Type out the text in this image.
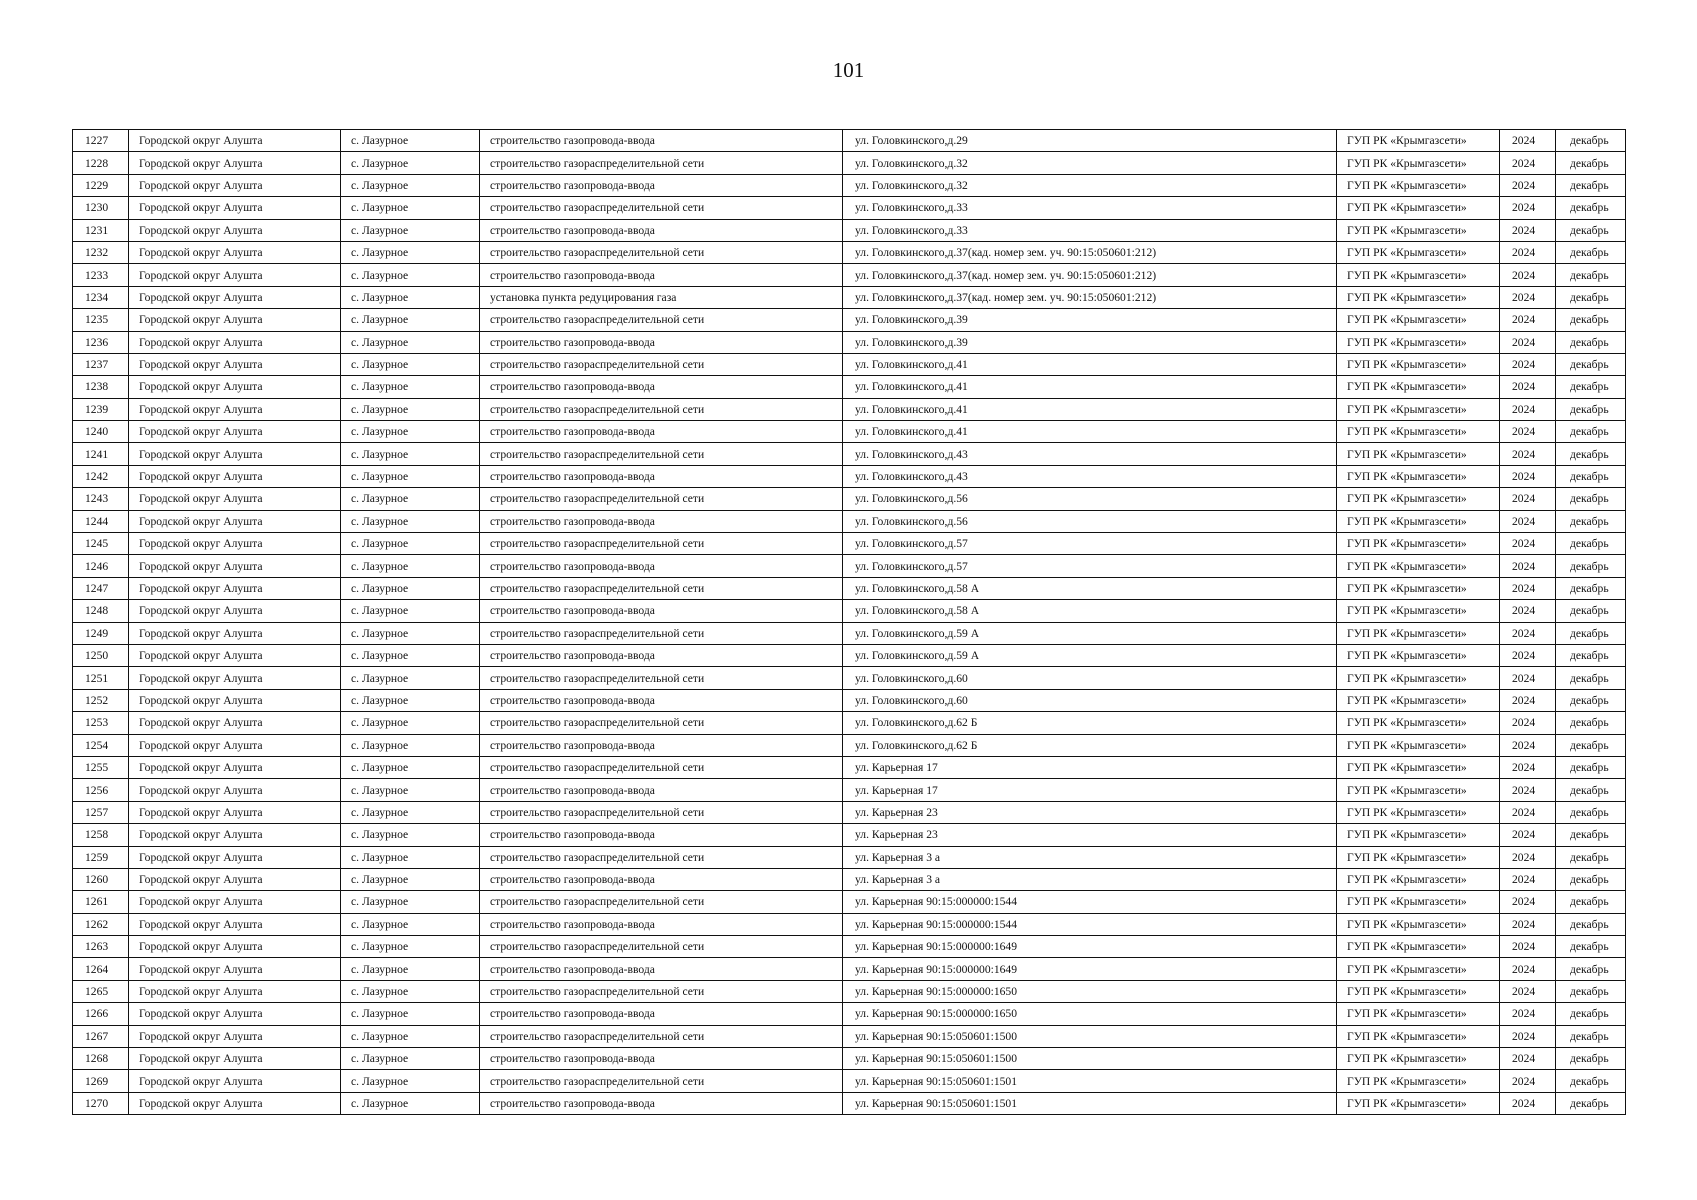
101
1227	Городской округ Алушта	с. Лазурное	строительство газопровода-ввода	ул. Головкинского,д.29	ГУП РК «Крымгазсети»	2024	декабрь
1228	Городской округ Алушта	с. Лазурное	строительство газораспределительной сети	ул. Головкинского,д.32	ГУП РК «Крымгазсети»	2024	декабрь
1229	Городской округ Алушта	с. Лазурное	строительство газопровода-ввода	ул. Головкинского,д.32	ГУП РК «Крымгазсети»	2024	декабрь
1230	Городской округ Алушта	с. Лазурное	строительство газораспределительной сети	ул. Головкинского,д.33	ГУП РК «Крымгазсети»	2024	декабрь
1231	Городской округ Алушта	с. Лазурное	строительство газопровода-ввода	ул. Головкинского,д.33	ГУП РК «Крымгазсети»	2024	декабрь
1232	Городской округ Алушта	с. Лазурное	строительство газораспределительной сети	ул. Головкинского,д.37(кад. номер зем. уч. 90:15:050601:212)	ГУП РК «Крымгазсети»	2024	декабрь
1233	Городской округ Алушта	с. Лазурное	строительство газопровода-ввода	ул. Головкинского,д.37(кад. номер зем. уч. 90:15:050601:212)	ГУП РК «Крымгазсети»	2024	декабрь
1234	Городской округ Алушта	с. Лазурное	установка пункта редуцирования газа	ул. Головкинского,д.37(кад. номер зем. уч. 90:15:050601:212)	ГУП РК «Крымгазсети»	2024	декабрь
1235	Городской округ Алушта	с. Лазурное	строительство газораспределительной сети	ул. Головкинского,д.39	ГУП РК «Крымгазсети»	2024	декабрь
1236	Городской округ Алушта	с. Лазурное	строительство газопровода-ввода	ул. Головкинского,д.39	ГУП РК «Крымгазсети»	2024	декабрь
1237	Городской округ Алушта	с. Лазурное	строительство газораспределительной сети	ул. Головкинского,д.41	ГУП РК «Крымгазсети»	2024	декабрь
1238	Городской округ Алушта	с. Лазурное	строительство газопровода-ввода	ул. Головкинского,д.41	ГУП РК «Крымгазсети»	2024	декабрь
1239	Городской округ Алушта	с. Лазурное	строительство газораспределительной сети	ул. Головкинского,д.41	ГУП РК «Крымгазсети»	2024	декабрь
1240	Городской округ Алушта	с. Лазурное	строительство газопровода-ввода	ул. Головкинского,д.41	ГУП РК «Крымгазсети»	2024	декабрь
1241	Городской округ Алушта	с. Лазурное	строительство газораспределительной сети	ул. Головкинского,д.43	ГУП РК «Крымгазсети»	2024	декабрь
1242	Городской округ Алушта	с. Лазурное	строительство газопровода-ввода	ул. Головкинского,д.43	ГУП РК «Крымгазсети»	2024	декабрь
1243	Городской округ Алушта	с. Лазурное	строительство газораспределительной сети	ул. Головкинского,д.56	ГУП РК «Крымгазсети»	2024	декабрь
1244	Городской округ Алушта	с. Лазурное	строительство газопровода-ввода	ул. Головкинского,д.56	ГУП РК «Крымгазсети»	2024	декабрь
1245	Городской округ Алушта	с. Лазурное	строительство газораспределительной сети	ул. Головкинского,д.57	ГУП РК «Крымгазсети»	2024	декабрь
1246	Городской округ Алушта	с. Лазурное	строительство газопровода-ввода	ул. Головкинского,д.57	ГУП РК «Крымгазсети»	2024	декабрь
1247	Городской округ Алушта	с. Лазурное	строительство газораспределительной сети	ул. Головкинского,д.58 А	ГУП РК «Крымгазсети»	2024	декабрь
1248	Городской округ Алушта	с. Лазурное	строительство газопровода-ввода	ул. Головкинского,д.58 А	ГУП РК «Крымгазсети»	2024	декабрь
1249	Городской округ Алушта	с. Лазурное	строительство газораспределительной сети	ул. Головкинского,д.59 А	ГУП РК «Крымгазсети»	2024	декабрь
1250	Городской округ Алушта	с. Лазурное	строительство газопровода-ввода	ул. Головкинского,д.59 А	ГУП РК «Крымгазсети»	2024	декабрь
1251	Городской округ Алушта	с. Лазурное	строительство газораспределительной сети	ул. Головкинского,д.60	ГУП РК «Крымгазсети»	2024	декабрь
1252	Городской округ Алушта	с. Лазурное	строительство газопровода-ввода	ул. Головкинского,д.60	ГУП РК «Крымгазсети»	2024	декабрь
1253	Городской округ Алушта	с. Лазурное	строительство газораспределительной сети	ул. Головкинского,д.62 Б	ГУП РК «Крымгазсети»	2024	декабрь
1254	Городской округ Алушта	с. Лазурное	строительство газопровода-ввода	ул. Головкинского,д.62 Б	ГУП РК «Крымгазсети»	2024	декабрь
1255	Городской округ Алушта	с. Лазурное	строительство газораспределительной сети	ул. Карьерная 17	ГУП РК «Крымгазсети»	2024	декабрь
1256	Городской округ Алушта	с. Лазурное	строительство газопровода-ввода	ул. Карьерная 17	ГУП РК «Крымгазсети»	2024	декабрь
1257	Городской округ Алушта	с. Лазурное	строительство газораспределительной сети	ул. Карьерная 23	ГУП РК «Крымгазсети»	2024	декабрь
1258	Городской округ Алушта	с. Лазурное	строительство газопровода-ввода	ул. Карьерная 23	ГУП РК «Крымгазсети»	2024	декабрь
1259	Городской округ Алушта	с. Лазурное	строительство газораспределительной сети	ул. Карьерная 3 а	ГУП РК «Крымгазсети»	2024	декабрь
1260	Городской округ Алушта	с. Лазурное	строительство газопровода-ввода	ул. Карьерная 3 а	ГУП РК «Крымгазсети»	2024	декабрь
1261	Городской округ Алушта	с. Лазурное	строительство газораспределительной сети	ул. Карьерная 90:15:000000:1544	ГУП РК «Крымгазсети»	2024	декабрь
1262	Городской округ Алушта	с. Лазурное	строительство газопровода-ввода	ул. Карьерная 90:15:000000:1544	ГУП РК «Крымгазсети»	2024	декабрь
1263	Городской округ Алушта	с. Лазурное	строительство газораспределительной сети	ул. Карьерная 90:15:000000:1649	ГУП РК «Крымгазсети»	2024	декабрь
1264	Городской округ Алушта	с. Лазурное	строительство газопровода-ввода	ул. Карьерная 90:15:000000:1649	ГУП РК «Крымгазсети»	2024	декабрь
1265	Городской округ Алушта	с. Лазурное	строительство газораспределительной сети	ул. Карьерная 90:15:000000:1650	ГУП РК «Крымгазсети»	2024	декабрь
1266	Городской округ Алушта	с. Лазурное	строительство газопровода-ввода	ул. Карьерная 90:15:000000:1650	ГУП РК «Крымгазсети»	2024	декабрь
1267	Городской округ Алушта	с. Лазурное	строительство газораспределительной сети	ул. Карьерная 90:15:050601:1500	ГУП РК «Крымгазсети»	2024	декабрь
1268	Городской округ Алушта	с. Лазурное	строительство газопровода-ввода	ул. Карьерная 90:15:050601:1500	ГУП РК «Крымгазсети»	2024	декабрь
1269	Городской округ Алушта	с. Лазурное	строительство газораспределительной сети	ул. Карьерная 90:15:050601:1501	ГУП РК «Крымгазсети»	2024	декабрь
1270	Городской округ Алушта	с. Лазурное	строительство газопровода-ввода	ул. Карьерная 90:15:050601:1501	ГУП РК «Крымгазсети»	2024	декабрь
